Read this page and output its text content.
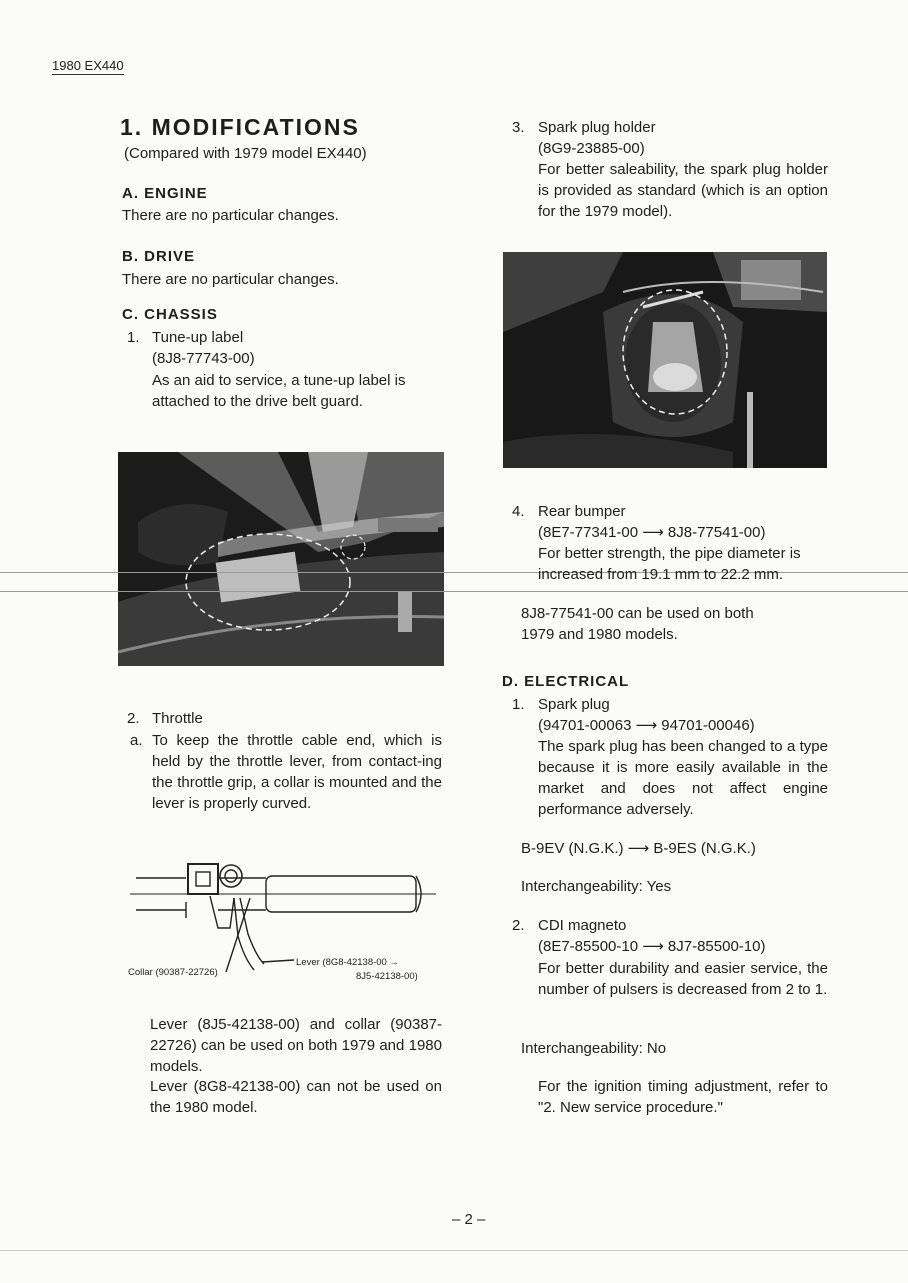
1980 EX440
1. MODIFICATIONS
(Compared with 1979 model EX440)
A. ENGINE
There are no particular changes.
B. DRIVE
There are no particular changes.
C. CHASSIS
1. Tune-up label
(8J8-77743-00)
As an aid to service, a tune-up label is
attached to the drive belt guard.
2. Throttle
a. To keep the throttle cable end, which is held by the throttle lever, from contact-ing the throttle grip, a collar is mounted and the lever is properly curved.
Collar (90387-22726)
Lever (8G8-42138-00 →
8J5-42138-00)
Lever (8J5-42138-00) and collar (90387-22726) can be used on both 1979 and 1980 models.
Lever (8G8-42138-00) can not be used on the 1980 model.
3. Spark plug holder
(8G9-23885-00)
For better saleability, the spark plug holder is provided as standard (which is an option for the 1979 model).
4. Rear bumper
(8E7-77341-00 ⟶ 8J8-77541-00)
For better strength, the pipe diameter is
increased from 19.1 mm to 22.2 mm.
8J8-77541-00 can be used on both 1979 and 1980 models.
D. ELECTRICAL
1. Spark plug
(94701-00063 ⟶ 94701-00046)
The spark plug has been changed to a type because it is more easily available in the market and does not affect engine performance adversely.
B-9EV (N.G.K.) ⟶ B-9ES (N.G.K.)
Interchangeability: Yes
2. CDI magneto
(8E7-85500-10 ⟶ 8J7-85500-10)
For better durability and easier service, the number of pulsers is decreased from 2 to 1.
Interchangeability: No
For the ignition timing adjustment, refer to "2. New service procedure."
– 2 –
